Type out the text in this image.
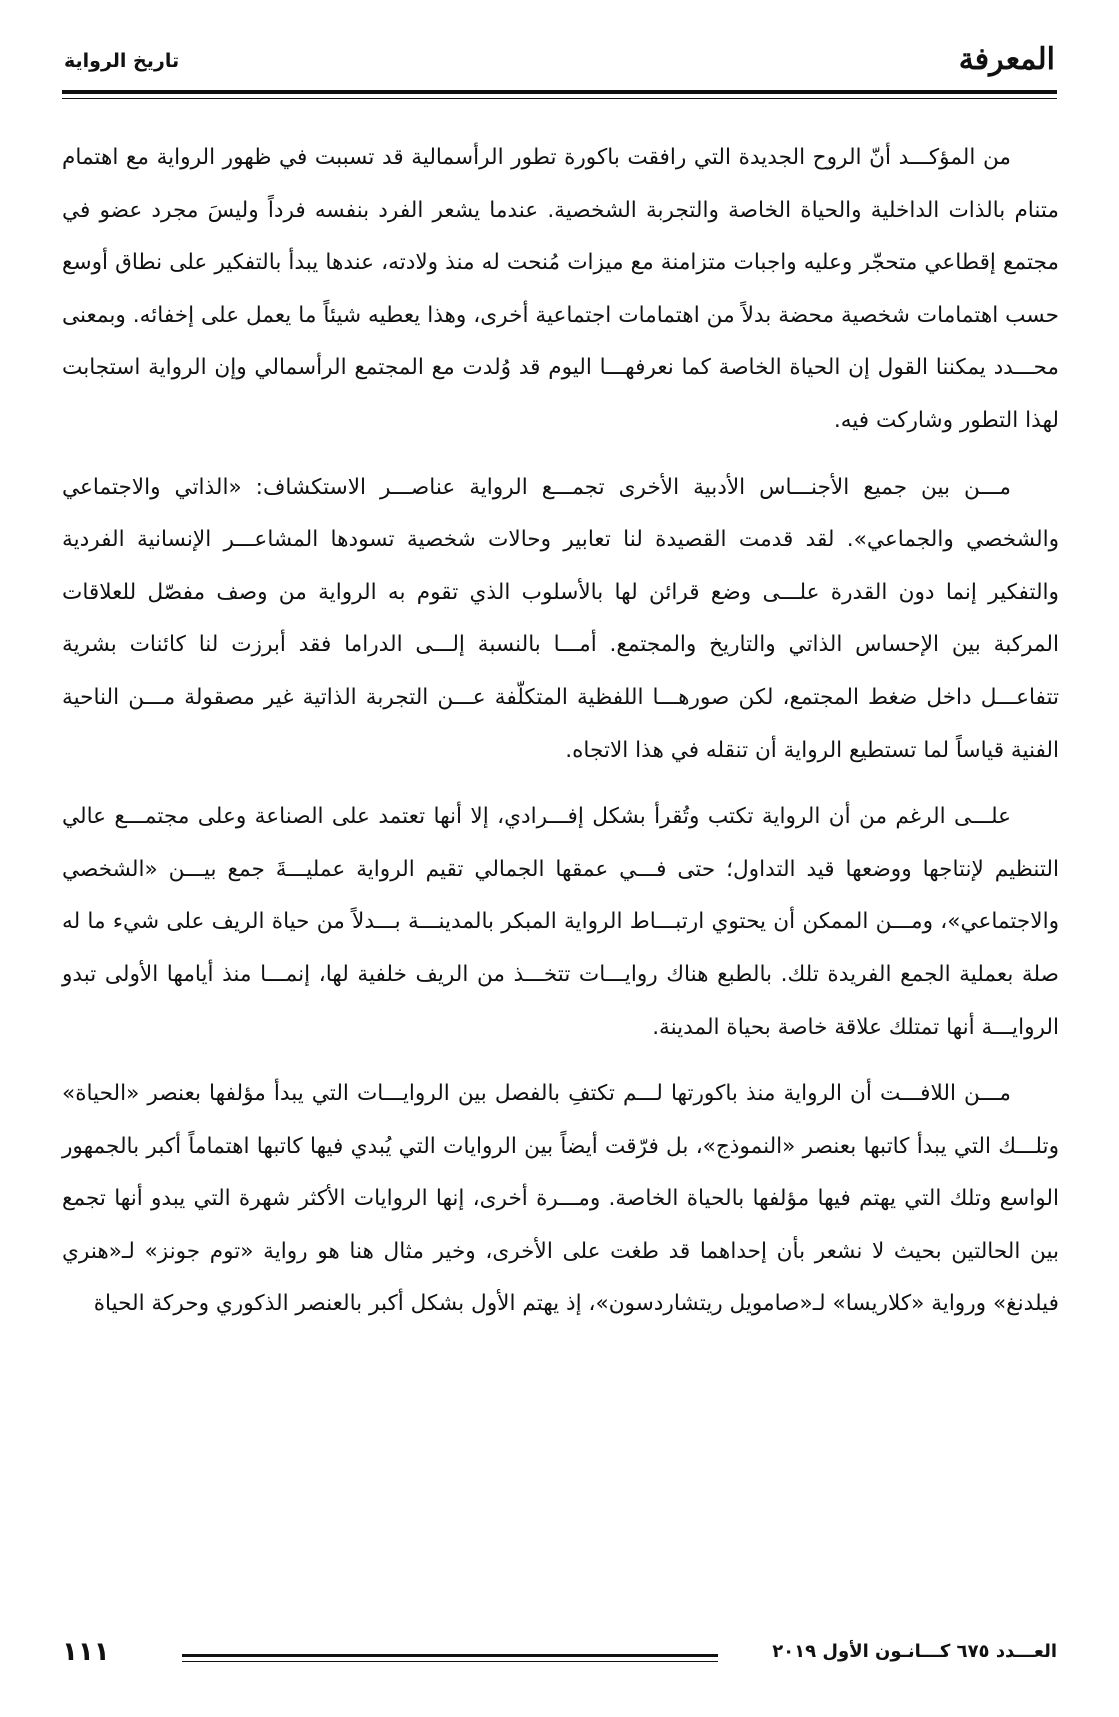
المعرفة
تاريخ الرواية

من المؤكـــد أنّ الروح الجديدة التي رافقت باكورة تطور الرأسمالية قد تسببت في ظهور الرواية مع اهتمام متنام بالذات الداخلية والحياة الخاصة والتجربة الشخصية. عندما يشعر الفرد بنفسه فرداً وليسَ مجرد عضو في مجتمع إقطاعي متحجّر وعليه واجبات متزامنة مع ميزات مُنحت له منذ ولادته، عندها يبدأ بالتفكير على نطاق أوسع حسب اهتمامات شخصية محضة بدلاً من اهتمامات اجتماعية أخرى، وهذا يعطيه شيئاً ما يعمل على إخفائه. وبمعنى محـــدد يمكننا القول إن الحياة الخاصة كما نعرفهـــا اليوم قد وُلدت مع المجتمع الرأسمالي وإن الرواية استجابت لهذا التطور وشاركت فيه.

مـــن بين جميع الأجنـــاس الأدبية الأخرى تجمـــع الرواية عناصـــر الاستكشاف: «الذاتي والاجتماعي والشخصي والجماعي». لقد قدمت القصيدة لنا تعابير وحالات شخصية تسودها المشاعـــر الإنسانية الفردية والتفكير إنما دون القدرة علـــى وضع قرائن لها بالأسلوب الذي تقوم به الرواية من وصف مفصّل للعلاقات المركبة بين الإحساس الذاتي والتاريخ والمجتمع. أمـــا بالنسبة إلـــى الدراما فقد أبرزت لنا كائنات بشرية تتفاعـــل داخل ضغط المجتمع، لكن صورهـــا اللفظية المتكلّفة عـــن التجربة الذاتية غير مصقولة مـــن الناحية الفنية قياساً لما تستطيع الرواية أن تنقله في هذا الاتجاه.

علـــى الرغم من أن الرواية تكتب وتُقرأ بشكل إفـــرادي، إلا أنها تعتمد على الصناعة وعلى مجتمـــع عالي التنظيم لإنتاجها ووضعها قيد التداول؛ حتى فـــي عمقها الجمالي تقيم الرواية عمليـــةَ جمع بيـــن «الشخصي والاجتماعي»، ومـــن الممكن أن يحتوي ارتبـــاط الرواية المبكر بالمدينـــة بـــدلاً من حياة الريف على شيء ما له صلة بعملية الجمع الفريدة تلك. بالطبع هناك روايـــات تتخـــذ من الريف خلفية لها، إنمـــا منذ أيامها الأولى تبدو الروايـــة أنها تمتلك علاقة خاصة بحياة المدينة.

مـــن اللافـــت أن الرواية منذ باكورتها لـــم تكتفِ بالفصل بين الروايـــات التي يبدأ مؤلفها بعنصر «الحياة» وتلـــك التي يبدأ كاتبها بعنصر «النموذج»، بل فرّقت أيضاً بين الروايات التي يُبدي فيها كاتبها اهتماماً أكبر بالجمهور الواسع وتلك التي يهتم فيها مؤلفها بالحياة الخاصة. ومـــرة أخرى، إنها الروايات الأكثر شهرة التي يبدو أنها تجمع بين الحالتين بحيث لا نشعر بأن إحداهما قد طغت على الأخرى، وخير مثال هنا هو رواية «توم جونز» لـ«هنري فيلدنغ» ورواية «كلاريسا» لـ«صامويل ريتشاردسون»، إذ يهتم الأول بشكل أكبر بالعنصر الذكوري وحركة الحياة

العـــدد ٦٧٥ كـــانـون الأول ٢٠١٩
١١١
